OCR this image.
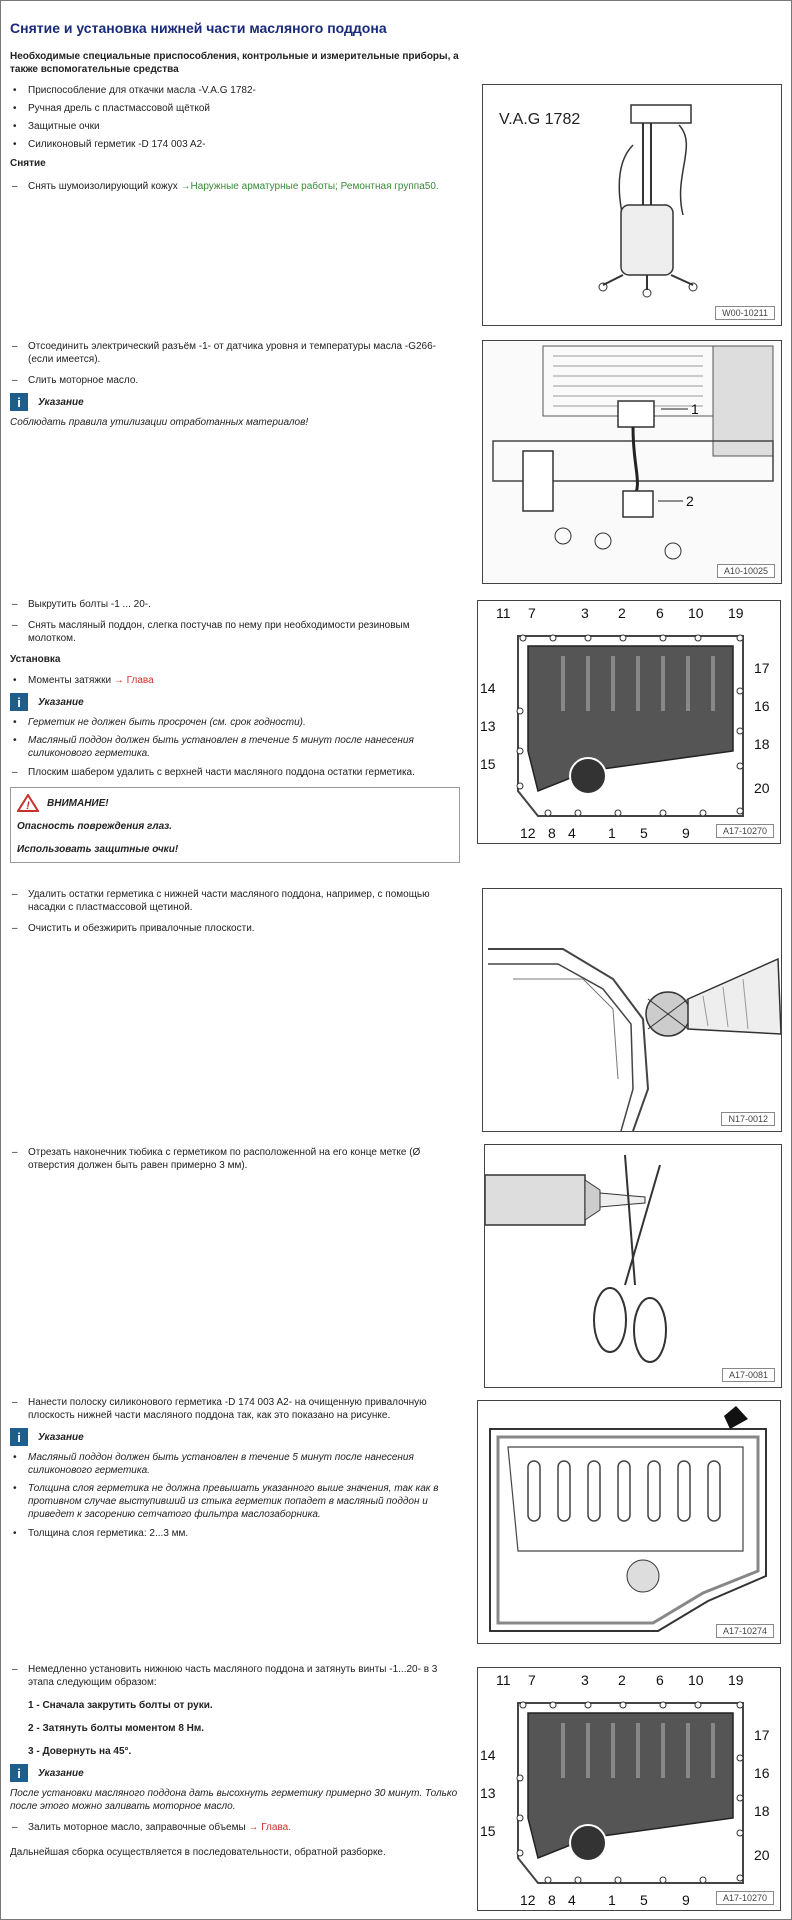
Снятие и установка нижней части масляного поддона
Необходимые специальные приспособления, контрольные и измерительные приборы, а также вспомогательные средства
• Приспособление для откачки масла -V.A.G 1782-
• Ручная дрель с пластмассовой щёткой
• Защитные очки
• Силиконовый герметик -D 174 003 A2-
Снятие
– Снять шумоизолирующий кожух →Наружные арматурные работы; Ремонтная группа50.
– Отсоединить электрический разъём -1- от датчика уровня и температуры масла -G266- (если имеется).
– Слить моторное масло.
i	Указание
Соблюдать правила утилизации отработанных материалов!
– Выкрутить болты -1 ... 20-.
– Снять масляный поддон, слегка постучав по нему при необходимости резиновым молотком.
Установка
• Моменты затяжки → Глава
i	Указание
• Герметик не должен быть просрочен (см. срок годности).
• Масляный поддон должен быть установлен в течение 5 минут после нанесения силиконового герметика.
– Плоским шабером удалить с верхней части масляного поддона остатки герметика.
! ВНИМАНИЕ!
Опасность повреждения глаз.
Использовать защитные очки!
– Удалить остатки герметика с нижней части масляного поддона, например, с помощью насадки с пластмассовой щетиной.
– Очистить и обезжирить привалочные плоскости.
– Отрезать наконечник тюбика с герметиком по расположенной на его конце метке (Ø отверстия должен быть равен примерно 3 мм).
– Нанести полоску силиконового герметика -D 174 003 A2- на очищенную привалочную плоскость нижней части масляного поддона так, как это показано на рисунке.
i	Указание
• Масляный поддон должен быть установлен в течение 5 минут после нанесения силиконового герметика.
• Толщина слоя герметика не должна превышать указанного выше значения, так как в противном случае выступивший из стыка герметик попадет в масляный поддон и приведет к засорению сетчатого фильтра маслозаборника.
• Толщина слоя герметика: 2...3 мм.
– Немедленно установить нижнюю часть масляного поддона и затянуть винты -1...20- в 3 этапа следующим образом:
1 - Сначала закрутить болты от руки.
2 - Затянуть болты моментом 8 Нм.
3 - Довернуть на 45°.
i	Указание
После установки масляного поддона дать высохнуть герметику примерно 30 минут. Только после этого можно заливать моторное масло.
– Залить моторное масло, заправочные объемы → Глава.
Дальнейшая сборка осуществляется в последовательности, обратной разборке.
V.A.G 1782
W00-10211
1
2
A10-10025
11 7	3 2 6 10 19
17
16
18
20
14
13
15
12 8 4 1 5 9	A17-10270
N17-0012
A17-0081
A17-10274
11 7	3 2 6 10 19
17
16
18
20
14
13
15
12 8 4 1 5 9	A17-10270
